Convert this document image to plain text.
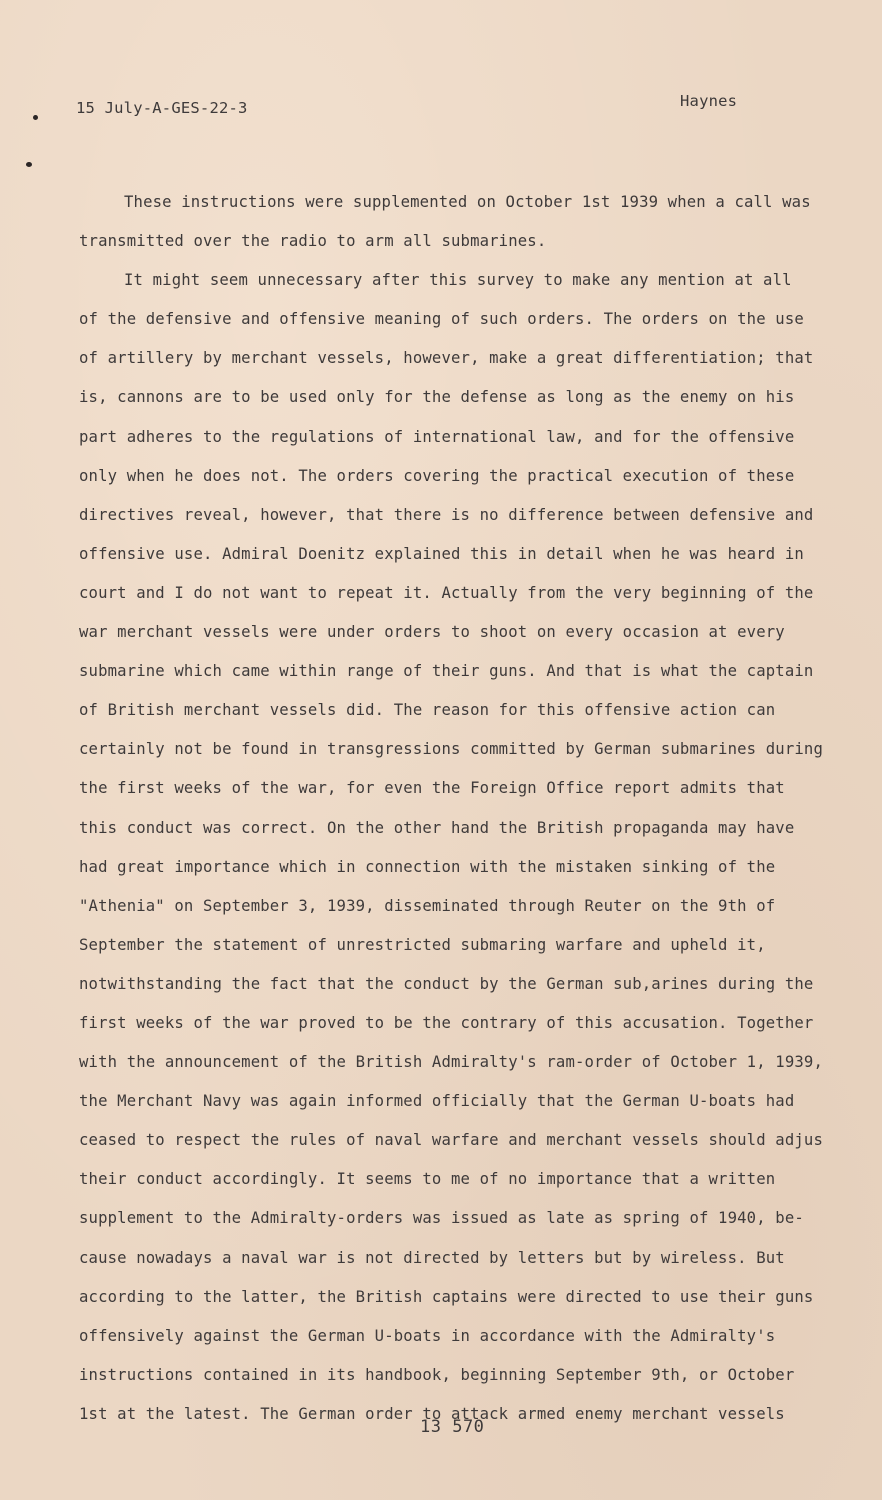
15 July-A-GES-22-3	Haynes
These instructions were supplemented on October 1st 1939 when a call was
transmitted over the radio to arm all submarines.
It might seem unnecessary after this survey to make any mention at all
of the defensive and offensive meaning of such orders. The orders on the use
of artillery by merchant vessels, however, make a great differentiation; that
is, cannons are to be used only for the defense as long as the enemy on his
part adheres to the regulations of international law, and for the offensive
only when he does not. The orders covering the practical execution of these
directives reveal, however, that there is no difference between defensive and
offensive use. Admiral Doenitz explained this in detail when he was heard in
court and I do not want to repeat it. Actually from the very beginning of the
war merchant vessels were under orders to shoot on every occasion at every
submarine which came within range of their guns. And that is what the captain
of British merchant vessels did. The reason for this offensive action can
certainly not be found in transgressions committed by German submarines during
the first weeks of the war, for even the Foreign Office report admits that
this conduct was correct. On the other hand the British propaganda may have
had great importance which in connection with the mistaken sinking of the
"Athenia" on September 3, 1939, disseminated through Reuter on the 9th of
September the statement of unrestricted submaring warfare and upheld it,
notwithstanding the fact that the conduct by the German sub,arines during the
first weeks of the war proved to be the contrary of this accusation. Together
with the announcement of the British Admiralty's ram-order of October 1, 1939,
the Merchant Navy was again informed officially that the German U-boats had
ceased to respect the rules of naval warfare and merchant vessels should adjus
their conduct accordingly. It seems to me of no importance that a written
supplement to the Admiralty-orders was issued as late as spring of 1940, be-
cause nowadays a naval war is not directed by letters but by wireless. But
according to the latter, the British captains were directed to use their guns
offensively against the German U-boats in accordance with the Admiralty's
instructions contained in its handbook, beginning September 9th, or October
1st at the latest. The German order to attack armed enemy merchant vessels
13 570
